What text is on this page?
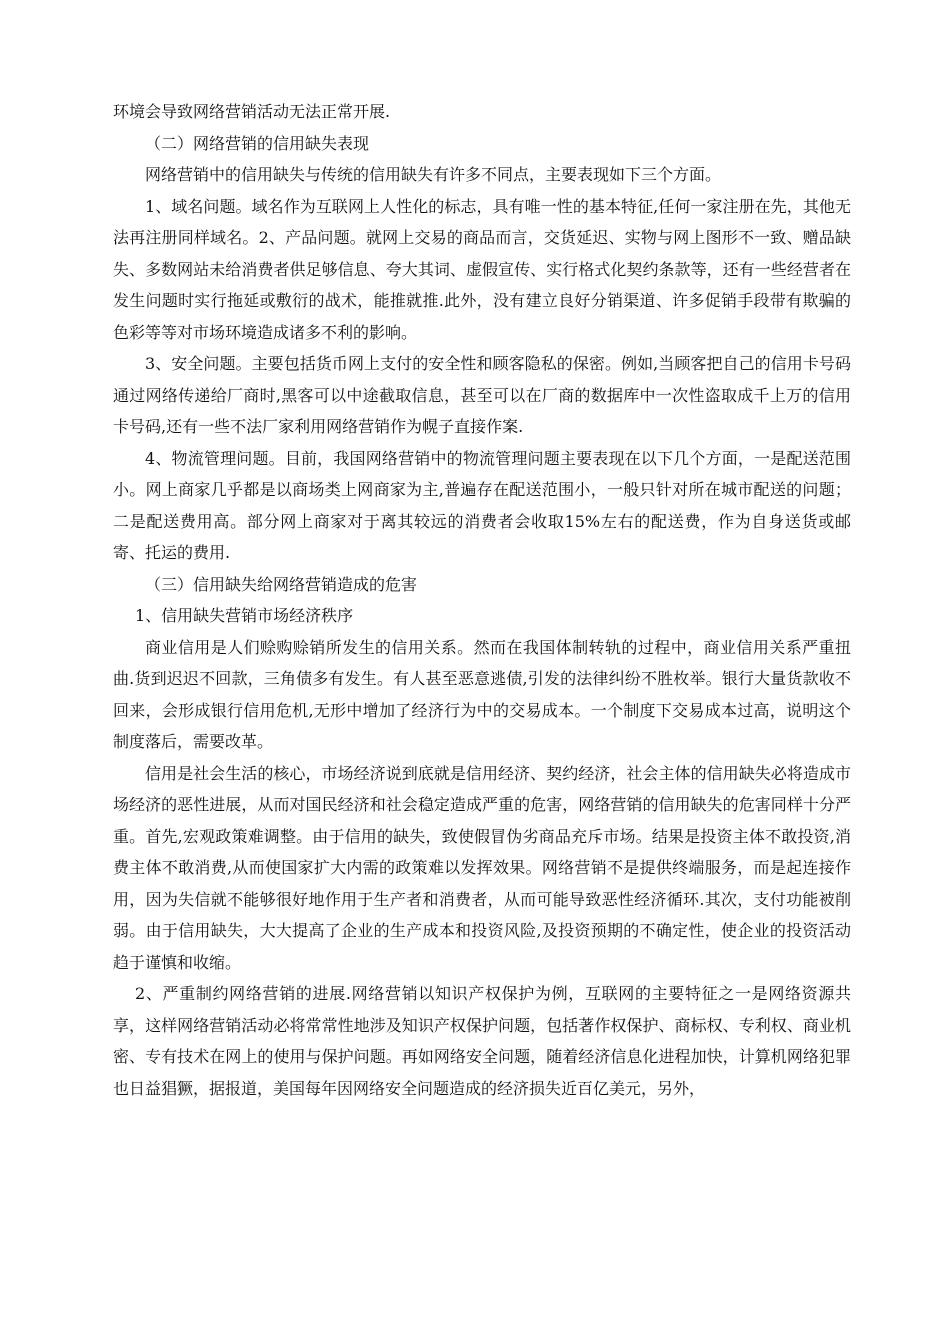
环境会导致网络营销活动无法正常开展.

（二）网络营销的信用缺失表现

网络营销中的信用缺失与传统的信用缺失有许多不同点，主要表现如下三个方面。

1、域名问题。域名作为互联网上人性化的标志，具有唯一性的基本特征,任何一家注册在先，其他无法再注册同样域名。2、产品问题。就网上交易的商品而言，交货延迟、实物与网上图形不一致、赠品缺失、多数网站未给消费者供足够信息、夸大其词、虚假宣传、实行格式化契约条款等，还有一些经营者在发生问题时实行拖延或敷衍的战术，能推就推.此外，没有建立良好分销渠道、许多促销手段带有欺骗的色彩等等对市场环境造成诸多不利的影响。

3、安全问题。主要包括货币网上支付的安全性和顾客隐私的保密。例如,当顾客把自己的信用卡号码通过网络传递给厂商时,黑客可以中途截取信息，甚至可以在厂商的数据库中一次性盗取成千上万的信用卡号码,还有一些不法厂家利用网络营销作为幌子直接作案.

4、物流管理问题。目前，我国网络营销中的物流管理问题主要表现在以下几个方面，一是配送范围小。网上商家几乎都是以商场类上网商家为主,普遍存在配送范围小，一般只针对所在城市配送的问题；二是配送费用高。部分网上商家对于离其较远的消费者会收取15%左右的配送费，作为自身送货或邮寄、托运的费用.

（三）信用缺失给网络营销造成的危害

1、信用缺失营销市场经济秩序

商业信用是人们赊购赊销所发生的信用关系。然而在我国体制转轨的过程中，商业信用关系严重扭曲.货到迟迟不回款，三角债多有发生。有人甚至恶意逃债,引发的法律纠纷不胜枚举。银行大量货款收不回来，会形成银行信用危机,无形中增加了经济行为中的交易成本。一个制度下交易成本过高，说明这个制度落后，需要改革。

信用是社会生活的核心，市场经济说到底就是信用经济、契约经济，社会主体的信用缺失必将造成市场经济的恶性进展，从而对国民经济和社会稳定造成严重的危害，网络营销的信用缺失的危害同样十分严重。首先,宏观政策难调整。由于信用的缺失，致使假冒伪劣商品充斥市场。结果是投资主体不敢投资,消费主体不敢消费,从而使国家扩大内需的政策难以发挥效果。网络营销不是提供终端服务，而是起连接作用，因为失信就不能够很好地作用于生产者和消费者，从而可能导致恶性经济循环.其次，支付功能被削弱。由于信用缺失，大大提高了企业的生产成本和投资风险,及投资预期的不确定性，使企业的投资活动趋于谨慎和收缩。

2、严重制约网络营销的进展.网络营销以知识产权保护为例，互联网的主要特征之一是网络资源共享，这样网络营销活动必将常常性地涉及知识产权保护问题，包括著作权保护、商标权、专利权、商业机密、专有技术在网上的使用与保护问题。再如网络安全问题，随着经济信息化进程加快，计算机网络犯罪也日益猖獗，据报道，美国每年因网络安全问题造成的经济损失近百亿美元，另外，
